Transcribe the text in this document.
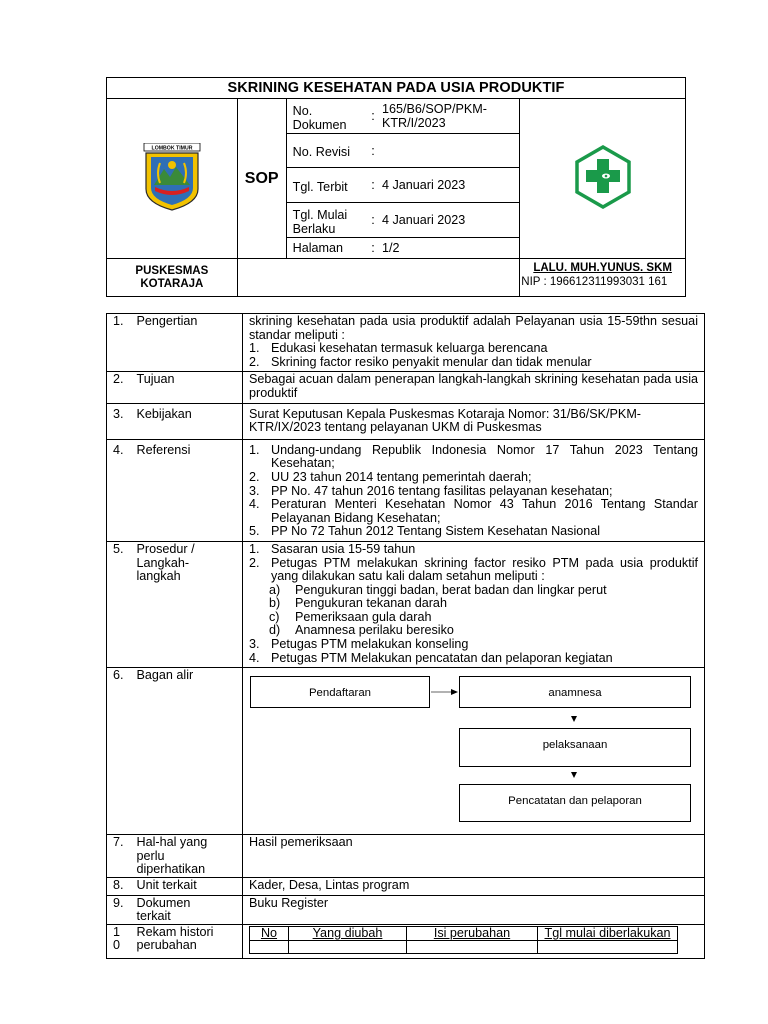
SKRINING KESEHATAN PADA USIA PRODUKTIF					

LOMBOK TIMUR	SOP	No. Dokumen	:	165/B6/SOP/PKM-KTR/I/2023	
		No. Revisi	:		
		Tgl. Terbit	:	4 Januari 2023	
		Tgl. Mulai Berlaku	:	4 Januari 2023	
		Halaman	:	1/2	
PUSKESMAS KOTARAJA					LALU. MUH.YUNUS. SKM
NIP : 196612311993031 161
1.	Pengertian	skrining kesehatan pada usia produktif adalah Pelayanan usia 15-59thn sesuai standar meliputi :
1. Edukasi kesehatan termasuk keluarga berencana
2. Skrining factor resiko penyakit menular dan tidak menular

2.	Tujuan	Sebagai acuan dalam penerapan langkah-langkah skrining kesehatan pada usia produktif
3.	Kebijakan	Surat Keputusan Kepala Puskesmas Kotaraja Nomor: 31/B6/SK/PKM-KTR/IX/2023 tentang pelayanan UKM di Puskesmas
4.	Referensi	1. Undang-undang Republik Indonesia Nomor 17 Tahun 2023 Tentang Kesehatan;
2. UU 23 tahun 2014 tentang pemerintah daerah;
3. PP No. 47 tahun 2016 tentang fasilitas pelayanan kesehatan;
4. Peraturan Menteri Kesehatan Nomor 43 Tahun 2016 Tentang Standar Pelayanan Bidang Kesehatan;
5. PP No 72 Tahun 2012 Tentang Sistem Kesehatan Nasional

5.	Prosedur / Langkah-langkah	
1. Sasaran usia 15-59 tahun
2. Petugas PTM melakukan skrining factor resiko PTM pada usia produktif yang dilakukan satu kali dalam setahun meliputi :
a) Pengukuran tinggi badan, berat badan dan lingkar perut
b) Pengukuran tekanan darah
c) Pemeriksaan gula darah
d) Anamnesa perilaku beresiko
3. Petugas PTM melakukan konseling
4. Petugas PTM Melakukan pencatatan dan pelaporan kegiatan

6.	Bagan alir	
Pendaftaran	anamnesa
pelaksanaan
Pencatatan dan pelaporan

7.	Hal-hal yang perlu diperhatikan	Hasil pemeriksaan
8.	Unit terkait	Kader, Desa, Lintas program
9.	Dokumen terkait	Buku Register
1 0	Rekam histori perubahan	
No	Yang diubah	Isi perubahan	Tgl mulai diberlakukan
